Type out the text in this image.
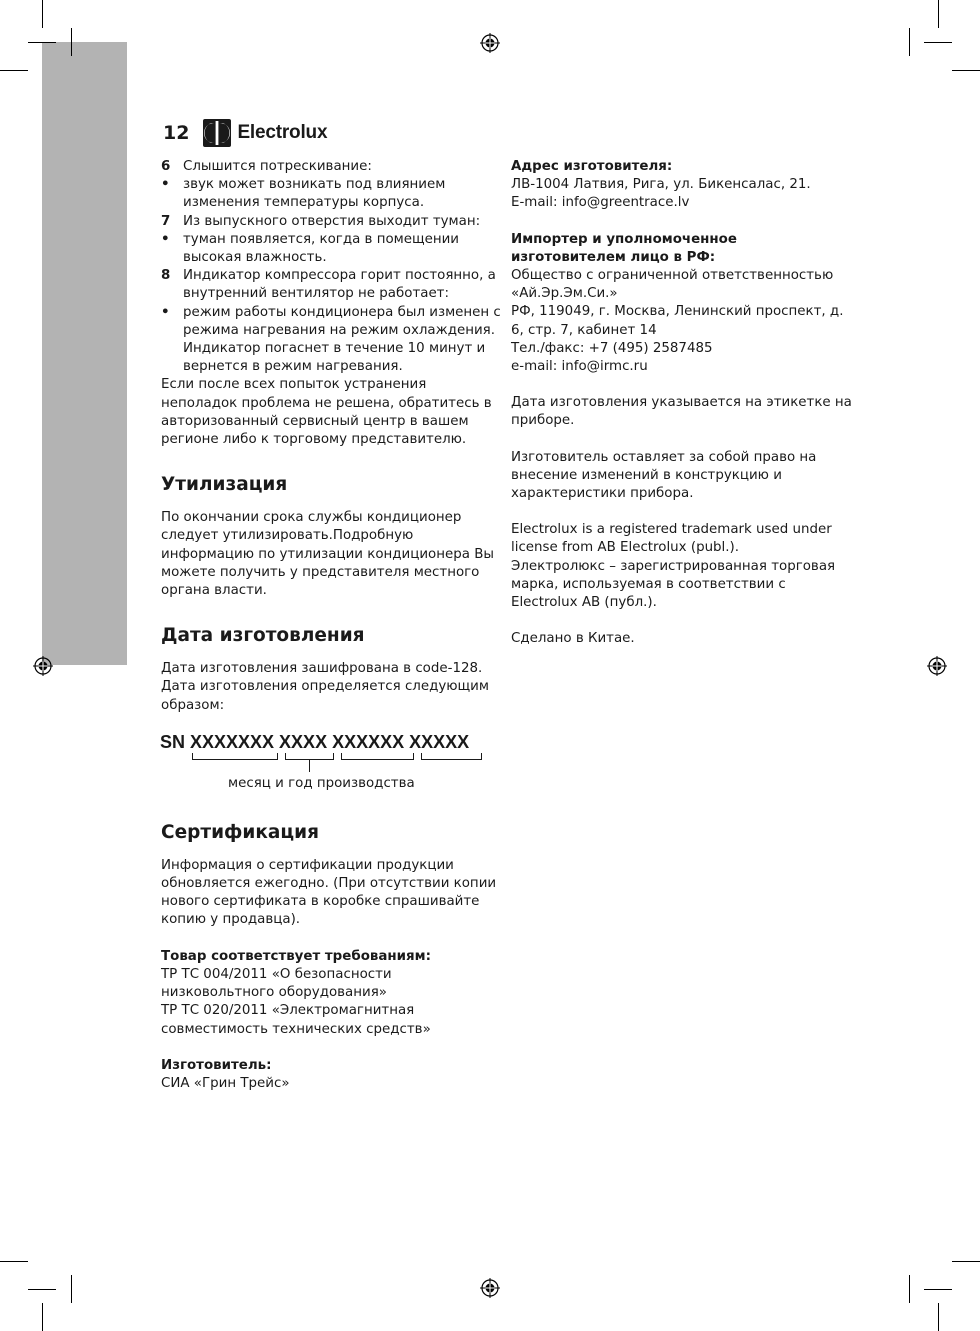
12	Electrolux
6 Слышится потрескивание:
• звук может возникать под влиянием изменения температуры корпуса.
7 Из выпускного отверстия выходит туман:
• туман появляется, когда в помещении высокая влажность.
8 Индикатор компрессора горит постоянно, а внутренний вентилятор не работает:
• режим работы кондиционера был изменен с режима нагревания на режим охлаждения. Индикатор погаснет в течение 10 минут и вернется в режим нагревания.

Если после всех попыток устранения неполадок проблема не решена, обратитесь в авторизованный сервисный центр в вашем регионе либо к торговому представителю.

Утилизация

По окончании срока службы кондиционер следует утилизировать.Подробную информацию по утилизации кондиционера Вы можете получить у представителя местного органа власти.

Дата изготовления

Дата изготовления зашифрована в code-128.

Дата изготовления определяется следующим образом:

SN XXXXXXX XXXX XXXXXX XXXXX
месяц и год производства
Сертификация

Информация о сертификации продукции обновляется ежегодно. (При отсутствии копии нового сертификата в коробке спрашивайте копию у продавца).

Товар соответствует требованиям:

ТР ТС 004/2011 «О безопасности низковольтного оборудования»

ТР ТС 020/2011 «Электромагнитная совместимость технических средств»

Изготовитель:

СИА «Грин Трейс»

Адрес изготовителя:

ЛВ-1004 Латвия, Рига, ул. Бикенсалас, 21.

E-mail: info@greentrace.lv

Импортер и уполномоченное изготовителем лицо в РФ:

Общество с ограниченной ответственностью «Ай.Эр.Эм.Си.»

РФ, 119049, г. Москва, Ленинский проспект, д. 6, стр. 7, кабинет 14

Тел./факс: +7 (495) 2587485

e-mail: info@irmc.ru

Дата изготовления указывается на этикетке на приборе.

Изготовитель оставляет за собой право на внесение изменений в конструкцию и характеристики прибора.

Electrolux is a registered trademark used under license from AB Electrolux (publ.).

Электролюкс – зарегистрированная торговая марка, используемая в соответствии с Electrolux AB (публ.).

Сделано в Китае.
